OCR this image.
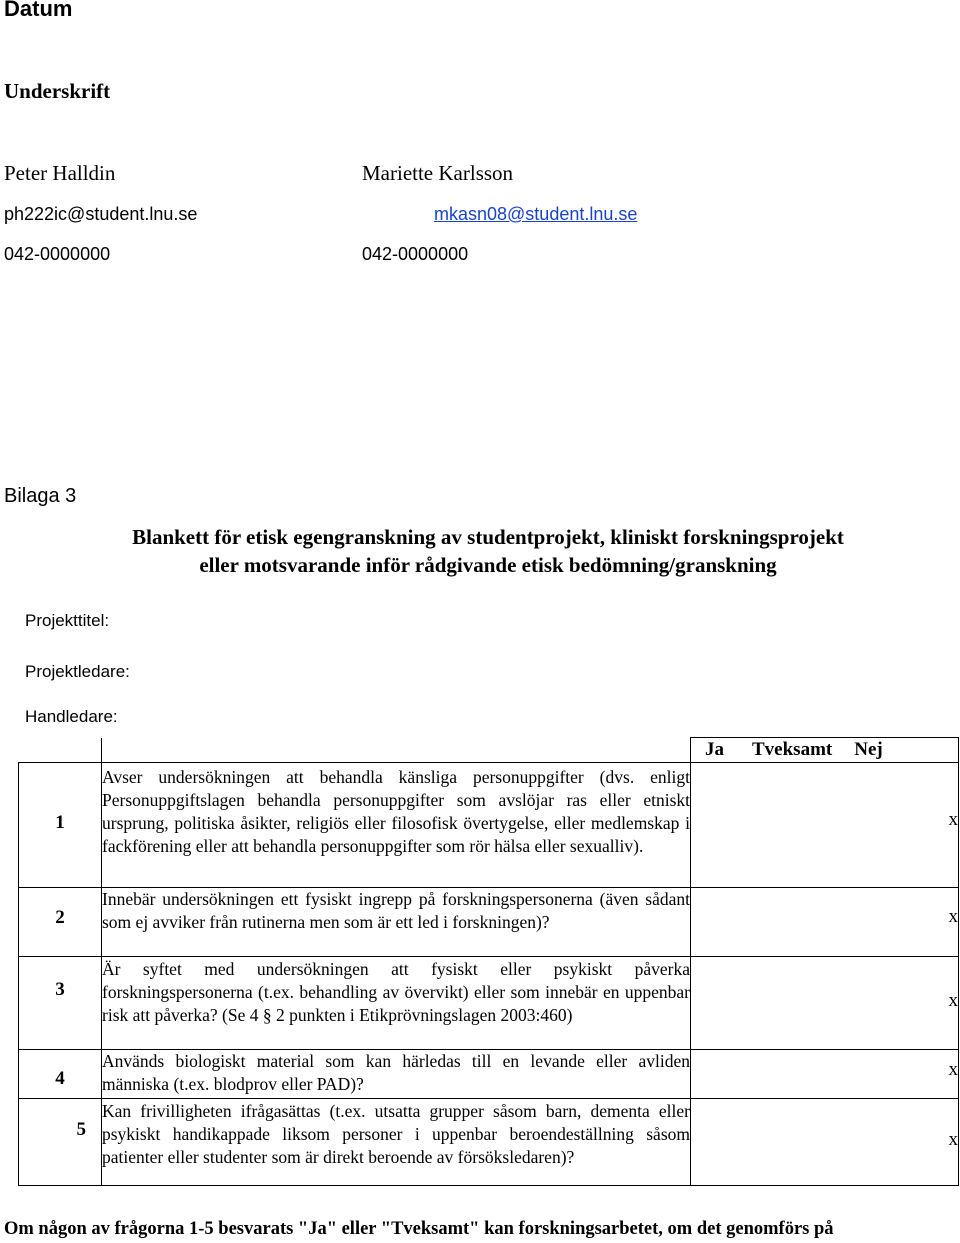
Datum
Underskrift
Peter Halldin	Mariette Karlsson
ph222ic@student.lnu.se	mkasn08@student.lnu.se
042-0000000	042-0000000
Bilaga 3
Blankett för etisk egengranskning av studentprojekt, kliniskt forskningsprojekt
eller motsvarande inför rådgivande etisk bedömning/granskning
Projekttitel:
Projektledare:
Handledare:
		Ja Tveksamt Nej
1	Avser undersökningen att behandla känsliga personuppgifter (dvs. enligt Personuppgiftslagen behandla personuppgifter som avslöjar ras eller etniskt ursprung, politiska åsikter, religiös eller filosofisk övertygelse, eller medlemskap i fackförening eller att behandla personuppgifter som rör hälsa eller sexualliv).	x
2	Innebär undersökningen ett fysiskt ingrepp på forskningspersonerna (även sådant som ej avviker från rutinerna men som är ett led i forskningen)?	x
3	Är syftet med undersökningen att fysiskt eller psykiskt påverka forskningspersonerna (t.ex. behandling av övervikt) eller som innebär en uppenbar risk att påverka? (Se 4 § 2 punkten i Etikprövningslagen 2003:460)	x
4	Används biologiskt material som kan härledas till en levande eller avliden människa (t.ex. blodprov eller PAD)?	x
5	Kan frivilligheten ifrågasättas (t.ex. utsatta grupper såsom barn, dementa eller psykiskt handikappade liksom personer i uppenbar beroendeställning såsom patienter eller studenter som är direkt beroende av försöksledaren)?	x
Om någon av frågorna 1-5 besvarats "Ja" eller "Tveksamt" kan forskningsarbetet, om det genomförs på
